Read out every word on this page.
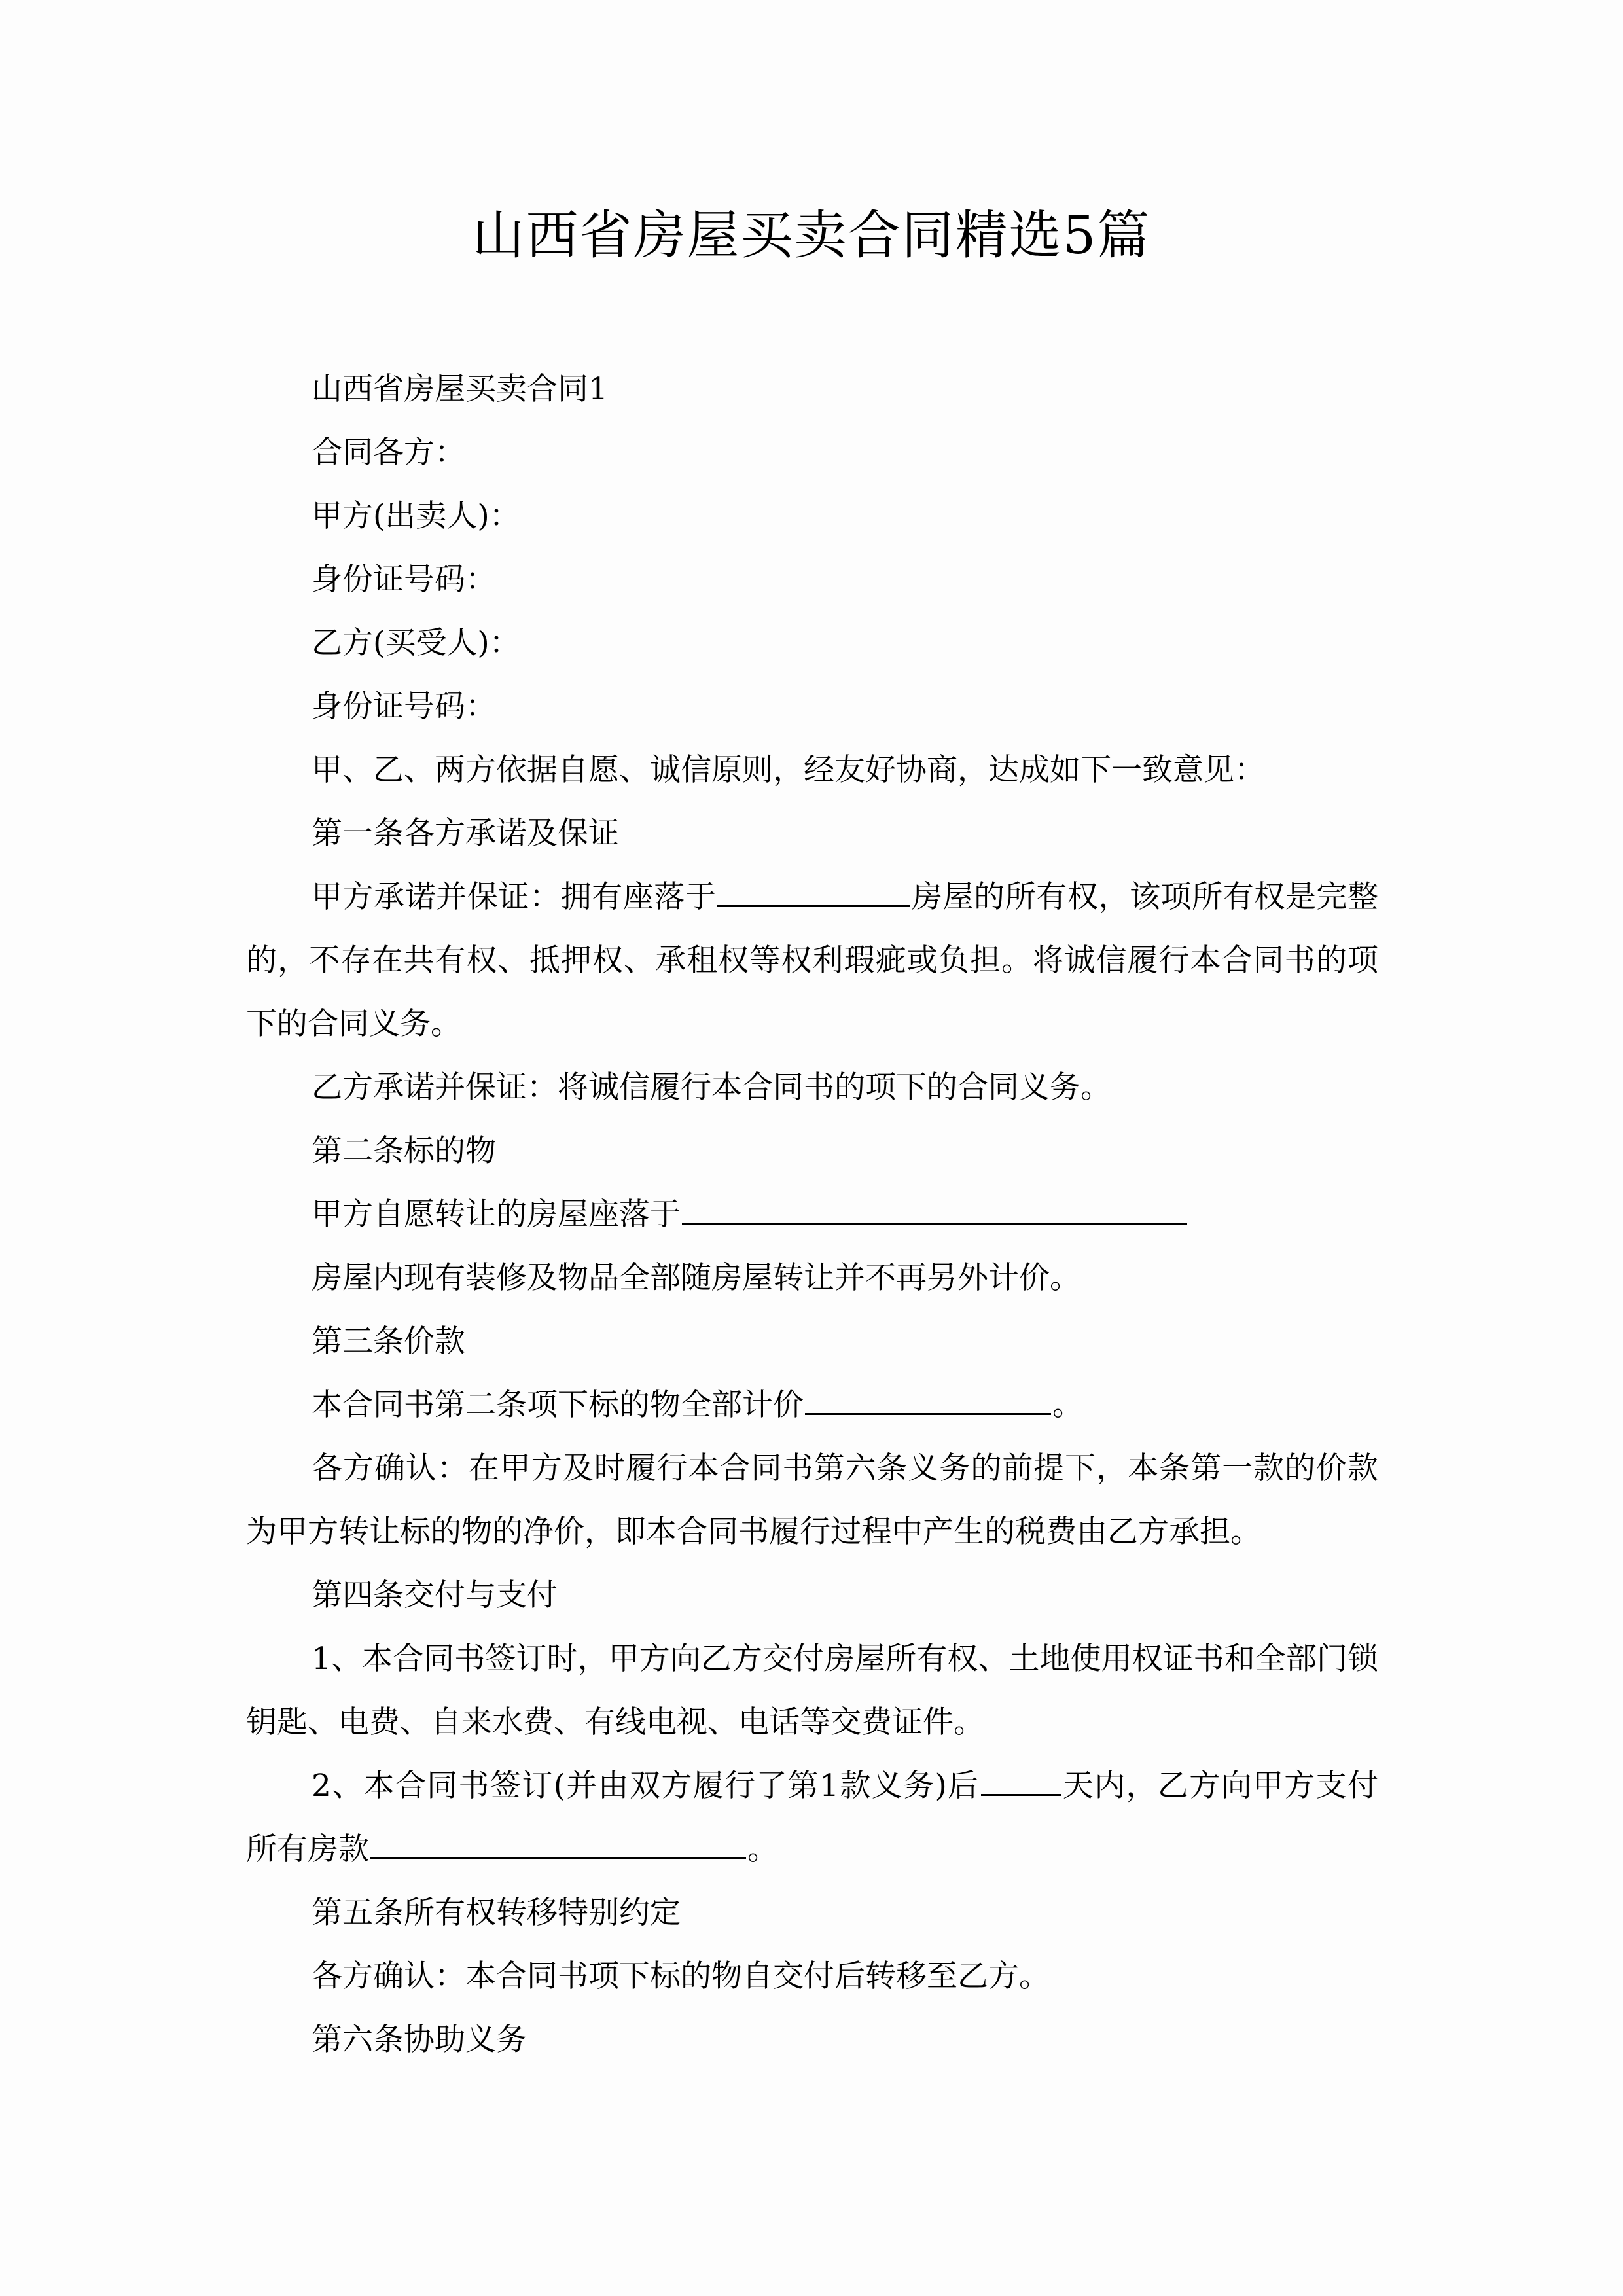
山西省房屋买卖合同精选5篇

山西省房屋买卖合同1

合同各方：

甲方(出卖人)：

身份证号码：

乙方(买受人)：

身份证号码：

甲、乙、两方依据自愿、诚信原则，经友好协商，达成如下一致意见：

第一条各方承诺及保证

甲方承诺并保证：拥有座落于	房屋的所有权，该项所有权是完整的，不存在共有权、抵押权、承租权等权利瑕疵或负担。将诚信履行本合同书的项下的合同义务。

乙方承诺并保证：将诚信履行本合同书的项下的合同义务。

第二条标的物

甲方自愿转让的房屋座落于

房屋内现有装修及物品全部随房屋转让并不再另外计价。

第三条价款

本合同书第二条项下标的物全部计价	。

各方确认：在甲方及时履行本合同书第六条义务的前提下，本条第一款的价款为甲方转让标的物的净价，即本合同书履行过程中产生的税费由乙方承担。

第四条交付与支付

1、本合同书签订时，甲方向乙方交付房屋所有权、土地使用权证书和全部门锁钥匙、电费、自来水费、有线电视、电话等交费证件。

2、本合同书签订(并由双方履行了第1款义务)后	天内，乙方向甲方支付所有房款	。

第五条所有权转移特别约定

各方确认：本合同书项下标的物自交付后转移至乙方。

第六条协助义务
